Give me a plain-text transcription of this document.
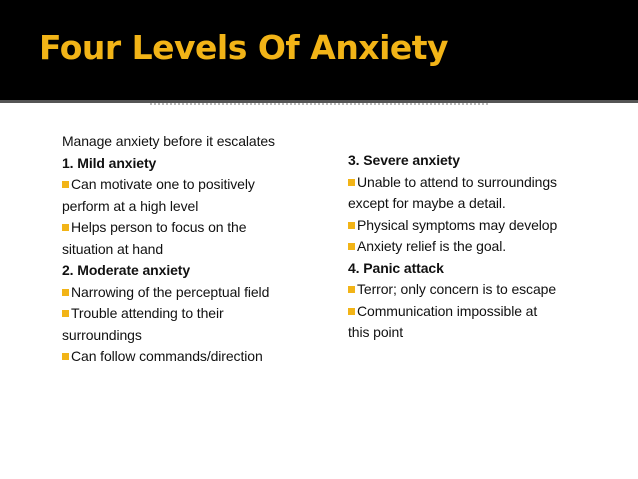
Four Levels Of Anxiety
Manage anxiety before it escalates
1. Mild anxiety
Can motivate one to positively
perform at a high level
Helps person to focus on the
situation at hand
2. Moderate anxiety
Narrowing of the perceptual field
Trouble attending to their
surroundings
Can follow commands/direction
3. Severe anxiety
Unable to attend to surroundings
except for maybe a detail.
Physical symptoms may develop
Anxiety relief is the goal.
4. Panic attack
Terror; only concern is to escape
Communication impossible at
this point
